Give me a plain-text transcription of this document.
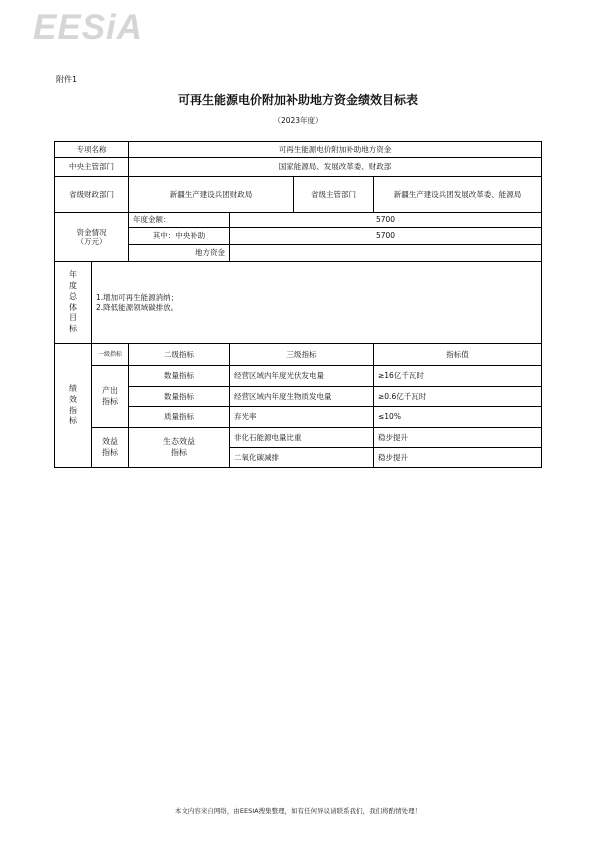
EESiA
附件1
可再生能源电价附加补助地方资金绩效目标表
（2023年度）
专项名称		可再生能源电价附加补助地方资金			
中央主管部门		国家能源局、发展改革委、财政部			
省级财政部门		新疆生产建设兵团财政局		省级主管部门	新疆生产建设兵团发展改革委、能源局

资金情况
（万元）		年度金额：	5700		
		其中：中央补助	5700		
		地方资金			
年度总体目标	1.增加可再生能源消纳；
2.降低能源领域碳排放。				

绩效指标	一级指标	二级指标	三级指标		指标值
	产出指标	数量指标	经营区域内年度光伏发电量		≥16亿千瓦时
		数量指标	经营区域内年度生物质发电量		≥0.6亿千瓦时
		质量指标	弃光率		≤10%
	效益指标	生态效益指标	非化石能源电量比重		稳步提升
			二氧化碳减排		稳步提升
本文内容来自网络，由EESIA搜集整理，如有任何异议请联系我们，我们将酌情处理！
